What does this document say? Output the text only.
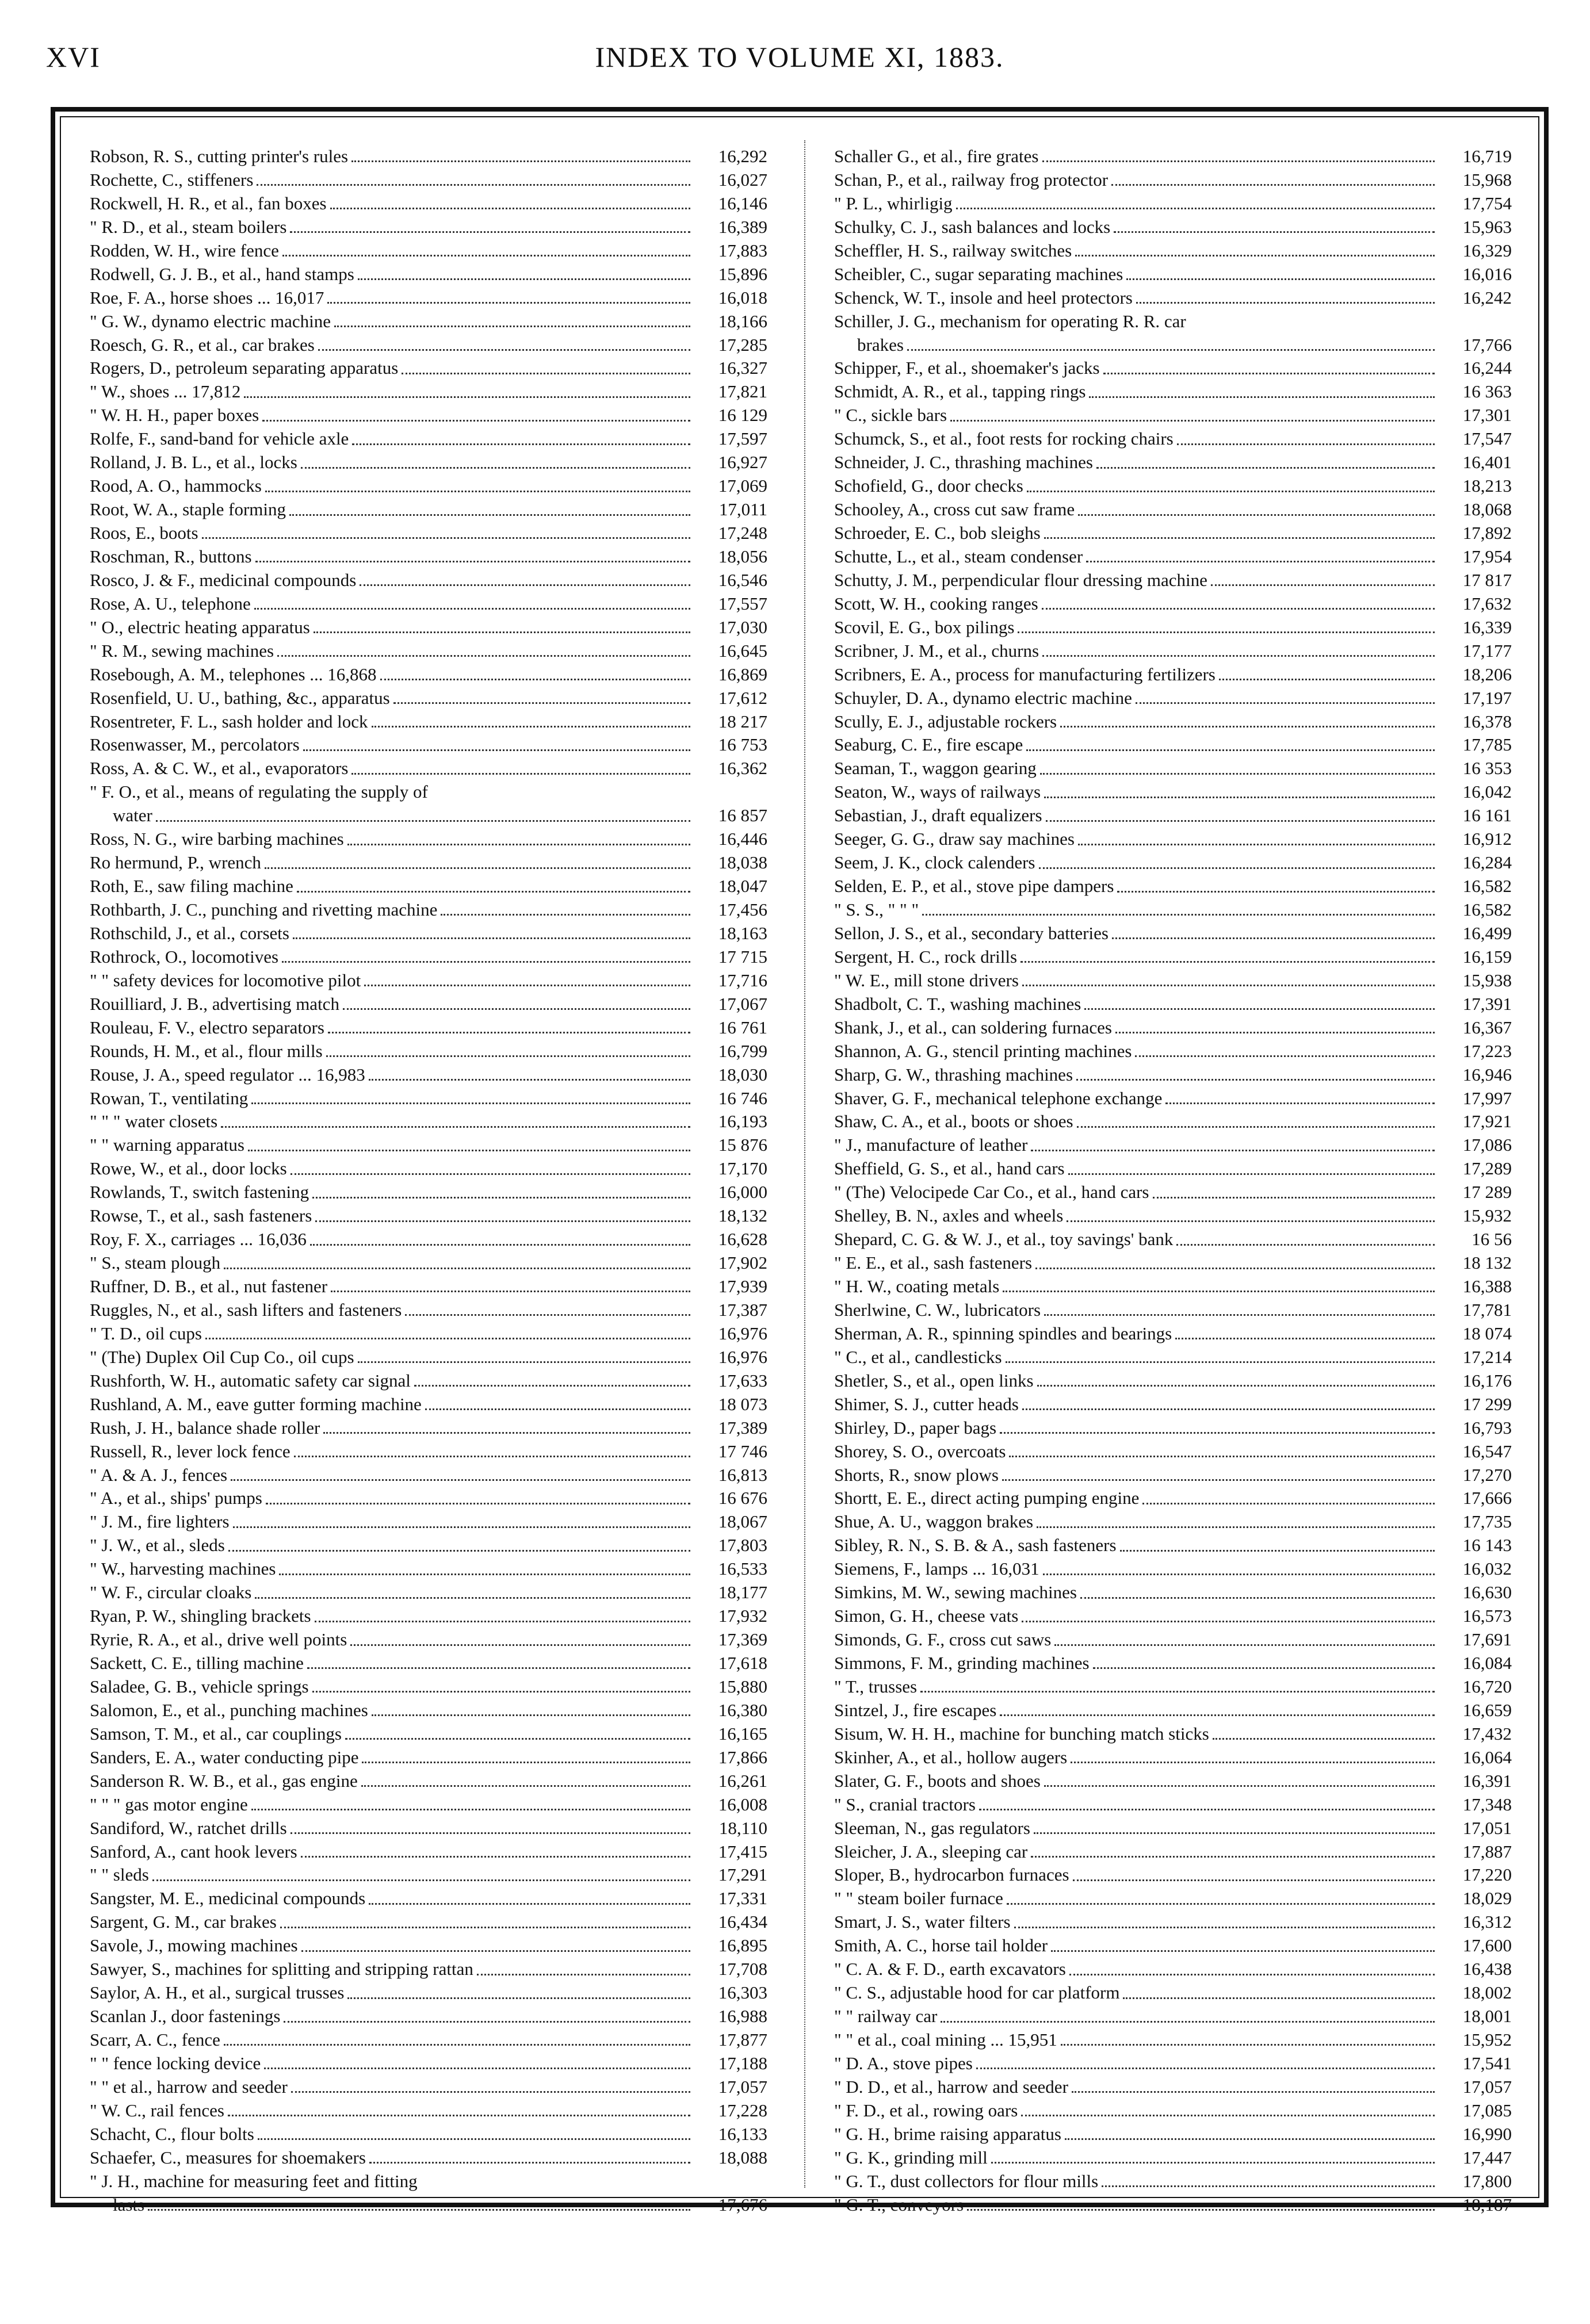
XVI	INDEX TO VOLUME XI, 1883.
Robson, R. S., cutting printer's rules	16,292
Rochette, C., stiffeners	16,027
Rockwell, H. R., et al., fan boxes	16,146
" R. D., et al., steam boilers	16,389
Rodden, W. H., wire fence	17,883
Rodwell, G. J. B., et al., hand stamps	15,896
Roe, F. A., horse shoes ... 16,017	16,018
" G. W., dynamo electric machine	18,166
Roesch, G. R., et al., car brakes	17,285
Rogers, D., petroleum separating apparatus	16,327
" W., shoes ... 17,812	17,821
" W. H. H., paper boxes	16 129
Rolfe, F., sand-band for vehicle axle	17,597
Rolland, J. B. L., et al., locks	16,927
Rood, A. O., hammocks	17,069
Root, W. A., staple forming	17,011
Roos, E., boots	17,248
Roschman, R., buttons	18,056
Rosco, J. & F., medicinal compounds	16,546
Rose, A. U., telephone	17,557
" O., electric heating apparatus	17,030
" R. M., sewing machines	16,645
Rosebough, A. M., telephones ... 16,868	16,869
Rosenfield, U. U., bathing, &c., apparatus	17,612
Rosentreter, F. L., sash holder and lock	18 217
Rosenwasser, M., percolators	16 753
Ross, A. & C. W., et al., evaporators	16,362
" F. O., et al., means of regulating the supply of
water	16 857
Ross, N. G., wire barbing machines	16,446
Ro hermund, P., wrench	18,038
Roth, E., saw filing machine	18,047
Rothbarth, J. C., punching and rivetting machine	17,456
Rothschild, J., et al., corsets	18,163
Rothrock, O., locomotives	17 715
" " safety devices for locomotive pilot	17,716
Rouilliard, J. B., advertising match	17,067
Rouleau, F. V., electro separators	16 761
Rounds, H. M., et al., flour mills	16,799
Rouse, J. A., speed regulator ... 16,983	18,030
Rowan, T., ventilating	16 746
" " " water closets	16,193
" " warning apparatus	15 876
Rowe, W., et al., door locks	17,170
Rowlands, T., switch fastening	16,000
Rowse, T., et al., sash fasteners	18,132
Roy, F. X., carriages ... 16,036	16,628
" S., steam plough	17,902
Ruffner, D. B., et al., nut fastener	17,939
Ruggles, N., et al., sash lifters and fasteners	17,387
" T. D., oil cups	16,976
" (The) Duplex Oil Cup Co., oil cups	16,976
Rushforth, W. H., automatic safety car signal	17,633
Rushland, A. M., eave gutter forming machine	18 073
Rush, J. H., balance shade roller	17,389
Russell, R., lever lock fence	17 746
" A. & A. J., fences	16,813
" A., et al., ships' pumps	16 676
" J. M., fire lighters	18,067
" J. W., et al., sleds	17,803
" W., harvesting machines	16,533
" W. F., circular cloaks	18,177
Ryan, P. W., shingling brackets	17,932
Ryrie, R. A., et al., drive well points	17,369
Sackett, C. E., tilling machine	17,618
Saladee, G. B., vehicle springs	15,880
Salomon, E., et al., punching machines	16,380
Samson, T. M., et al., car couplings	16,165
Sanders, E. A., water conducting pipe	17,866
Sanderson R. W. B., et al., gas engine	16,261
" " " gas motor engine	16,008
Sandiford, W., ratchet drills	18,110
Sanford, A., cant hook levers	17,415
" " sleds	17,291
Sangster, M. E., medicinal compounds	17,331
Sargent, G. M., car brakes	16,434
Savole, J., mowing machines	16,895
Sawyer, S., machines for splitting and stripping rattan	17,708
Saylor, A. H., et al., surgical trusses	16,303
Scanlan J., door fastenings	16,988
Scarr, A. C., fence	17,877
" " fence locking device	17,188
" " et al., harrow and seeder	17,057
" W. C., rail fences	17,228
Schacht, C., flour bolts	16,133
Schaefer, C., measures for shoemakers	18,088
" J. H., machine for measuring feet and fitting
lasts	17,676
Schaller G., et al., fire grates	16,719
Schan, P., et al., railway frog protector	15,968
" P. L., whirligig	17,754
Schulky, C. J., sash balances and locks	15,963
Scheffler, H. S., railway switches	16,329
Scheibler, C., sugar separating machines	16,016
Schenck, W. T., insole and heel protectors	16,242
Schiller, J. G., mechanism for operating R. R. car
brakes	17,766
Schipper, F., et al., shoemaker's jacks	16,244
Schmidt, A. R., et al., tapping rings	16 363
" C., sickle bars	17,301
Schumck, S., et al., foot rests for rocking chairs	17,547
Schneider, J. C., thrashing machines	16,401
Schofield, G., door checks	18,213
Schooley, A., cross cut saw frame	18,068
Schroeder, E. C., bob sleighs	17,892
Schutte, L., et al., steam condenser	17,954
Schutty, J. M., perpendicular flour dressing machine	17 817
Scott, W. H., cooking ranges	17,632
Scovil, E. G., box pilings	16,339
Scribner, J. M., et al., churns	17,177
Scribners, E. A., process for manufacturing fertilizers	18,206
Schuyler, D. A., dynamo electric machine	17,197
Scully, E. J., adjustable rockers	16,378
Seaburg, C. E., fire escape	17,785
Seaman, T., waggon gearing	16 353
Seaton, W., ways of railways	16,042
Sebastian, J., draft equalizers	16 161
Seeger, G. G., draw say machines	16,912
Seem, J. K., clock calenders	16,284
Selden, E. P., et al., stove pipe dampers	16,582
" S. S., " " "	16,582
Sellon, J. S., et al., secondary batteries	16,499
Sergent, H. C., rock drills	16,159
" W. E., mill stone drivers	15,938
Shadbolt, C. T., washing machines	17,391
Shank, J., et al., can soldering furnaces	16,367
Shannon, A. G., stencil printing machines	17,223
Sharp, G. W., thrashing machines	16,946
Shaver, G. F., mechanical telephone exchange	17,997
Shaw, C. A., et al., boots or shoes	17,921
" J., manufacture of leather	17,086
Sheffield, G. S., et al., hand cars	17,289
" (The) Velocipede Car Co., et al., hand cars	17 289
Shelley, B. N., axles and wheels	15,932
Shepard, C. G. & W. J., et al., toy savings' bank	16 56
" E. E., et al., sash fasteners	18 132
" H. W., coating metals	16,388
Sherlwine, C. W., lubricators	17,781
Sherman, A. R., spinning spindles and bearings	18 074
" C., et al., candlesticks	17,214
Shetler, S., et al., open links	16,176
Shimer, S. J., cutter heads	17 299
Shirley, D., paper bags	16,793
Shorey, S. O., overcoats	16,547
Shorts, R., snow plows	17,270
Shortt, E. E., direct acting pumping engine	17,666
Shue, A. U., waggon brakes	17,735
Sibley, R. N., S. B. & A., sash fasteners	16 143
Siemens, F., lamps ... 16,031	16,032
Simkins, M. W., sewing machines	16,630
Simon, G. H., cheese vats	16,573
Simonds, G. F., cross cut saws	17,691
Simmons, F. M., grinding machines	16,084
" T., trusses	16,720
Sintzel, J., fire escapes	16,659
Sisum, W. H. H., machine for bunching match sticks	17,432
Skinher, A., et al., hollow augers	16,064
Slater, G. F., boots and shoes	16,391
" S., cranial tractors	17,348
Sleeman, N., gas regulators	17,051
Sleicher, J. A., sleeping car	17,887
Sloper, B., hydrocarbon furnaces	17,220
" " steam boiler furnace	18,029
Smart, J. S., water filters	16,312
Smith, A. C., horse tail holder	17,600
" C. A. & F. D., earth excavators	16,438
" C. S., adjustable hood for car platform	18,002
" " railway car	18,001
" " et al., coal mining ... 15,951	15,952
" D. A., stove pipes	17,541
" D. D., et al., harrow and seeder	17,057
" F. D., et al., rowing oars	17,085
" G. H., brime raising apparatus	16,990
" G. K., grinding mill	17,447
" G. T., dust collectors for flour mills	17,800
" G. T., conveyors	18,187
